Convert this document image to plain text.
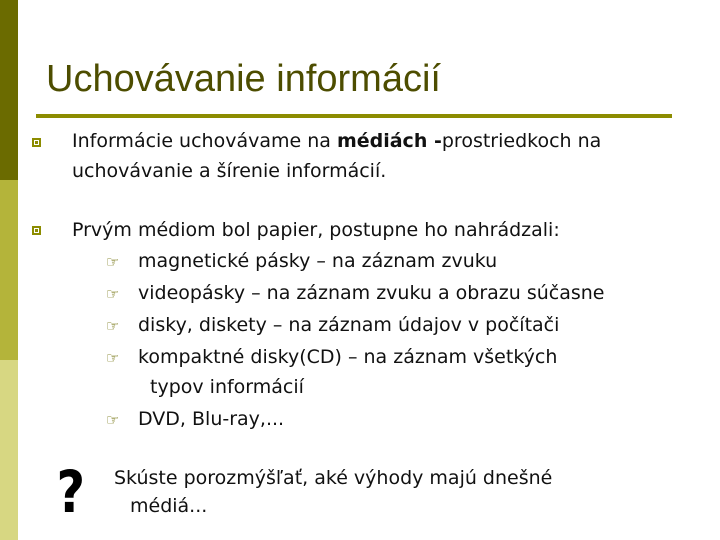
Uchovávanie informácií
Informácie uchovávame na médiách -prostriedkoch na
uchovávanie a šírenie informácií.
Prvým médiom bol papier, postupne ho nahrádzali:
☞ magnetické pásky – na záznam zvuku
☞ videopásky – na záznam zvuku a obrazu súčasne
☞ disky, diskety – na záznam údajov v počítači
☞ kompaktné disky(CD) – na záznam všetkých
typov informácií
☞ DVD, Blu-ray,...
? Skúste porozmýšľať, aké výhody majú dnešné
médiá...
